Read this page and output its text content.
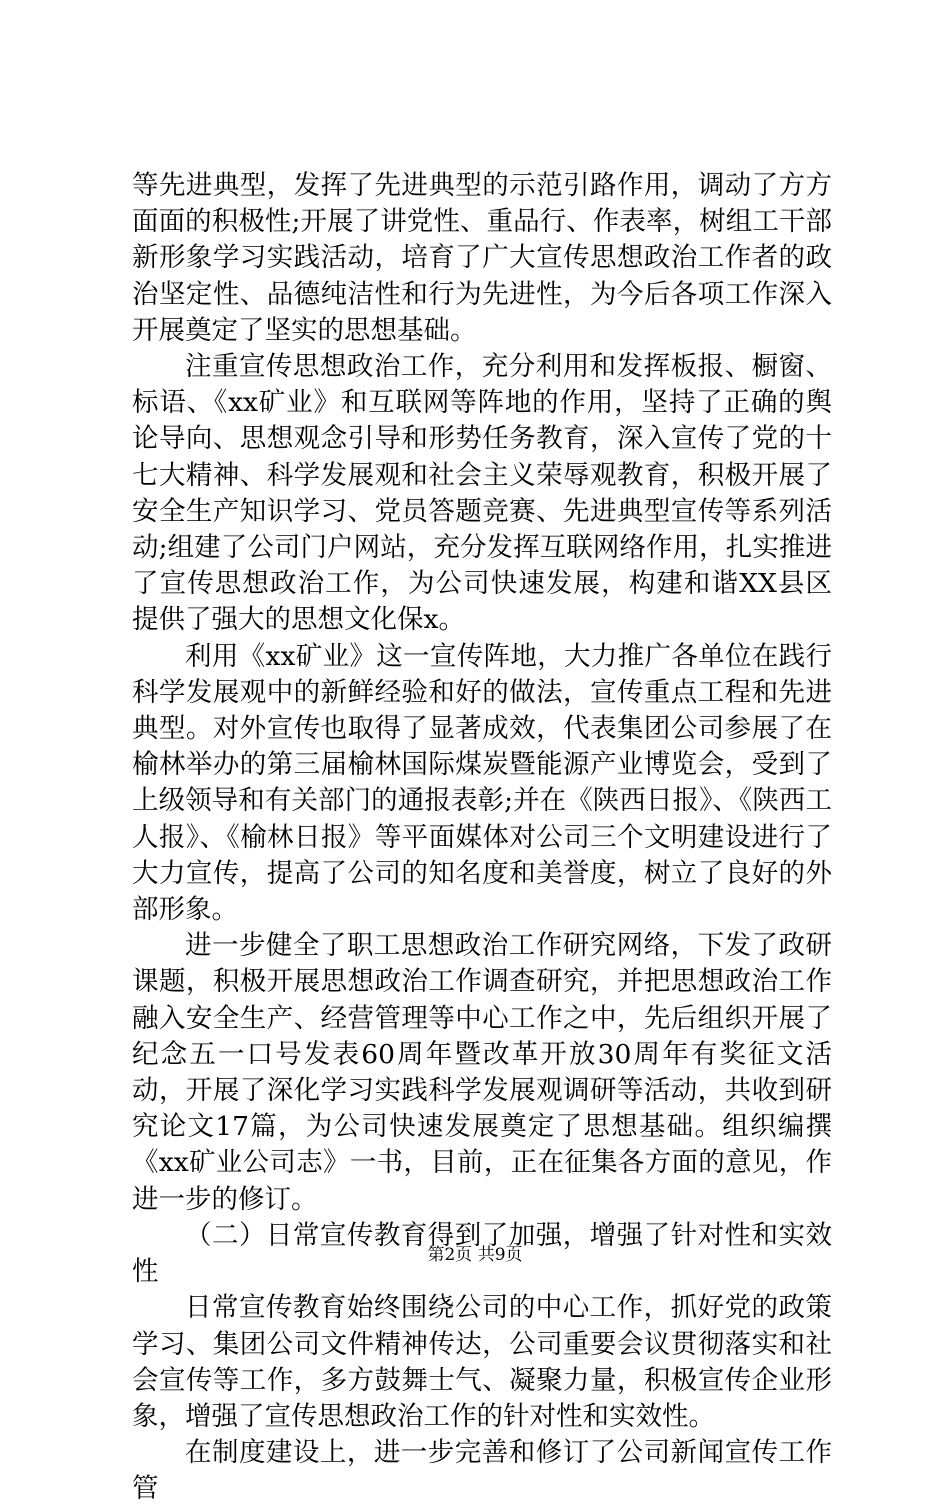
等先进典型，发挥了先进典型的示范引路作用，调动了方方面面的积极性;开展了讲党性、重品行、作表率，树组工干部新形象学习实践活动，培育了广大宣传思想政治工作者的政治坚定性、品德纯洁性和行为先进性，为今后各项工作深入开展奠定了坚实的思想基础。

注重宣传思想政治工作，充分利用和发挥板报、橱窗、标语、《xx矿业》和互联网等阵地的作用，坚持了正确的舆论导向、思想观念引导和形势任务教育，深入宣传了党的十七大精神、科学发展观和社会主义荣辱观教育，积极开展了安全生产知识学习、党员答题竞赛、先进典型宣传等系列活动;组建了公司门户网站，充分发挥互联网络作用，扎实推进了宣传思想政治工作，为公司快速发展，构建和谐XX县区提供了强大的思想文化保x。

利用《xx矿业》这一宣传阵地，大力推广各单位在践行科学发展观中的新鲜经验和好的做法，宣传重点工程和先进典型。对外宣传也取得了显著成效，代表集团公司参展了在榆林举办的第三届榆林国际煤炭暨能源产业博览会，受到了上级领导和有关部门的通报表彰;并在《陕西日报》、《陕西工人报》、《榆林日报》等平面媒体对公司三个文明建设进行了大力宣传，提高了公司的知名度和美誉度，树立了良好的外部形象。

进一步健全了职工思想政治工作研究网络，下发了政研课题，积极开展思想政治工作调查研究，并把思想政治工作融入安全生产、经营管理等中心工作之中，先后组织开展了纪念五一口号发表60周年暨改革开放30周年有奖征文活动，开展了深化学习实践科学发展观调研等活动，共收到研究论文17篇，为公司快速发展奠定了思想基础。组织编撰《xx矿业公司志》一书，目前，正在征集各方面的意见，作进一步的修订。

（二）日常宣传教育得到了加强，增强了针对性和实效性

日常宣传教育始终围绕公司的中心工作，抓好党的政策学习、集团公司文件精神传达，公司重要会议贯彻落实和社会宣传等工作，多方鼓舞士气、凝聚力量，积极宣传企业形象，增强了宣传思想政治工作的针对性和实效性。

在制度建设上，进一步完善和修订了公司新闻宣传工作管

第2页 共9页
